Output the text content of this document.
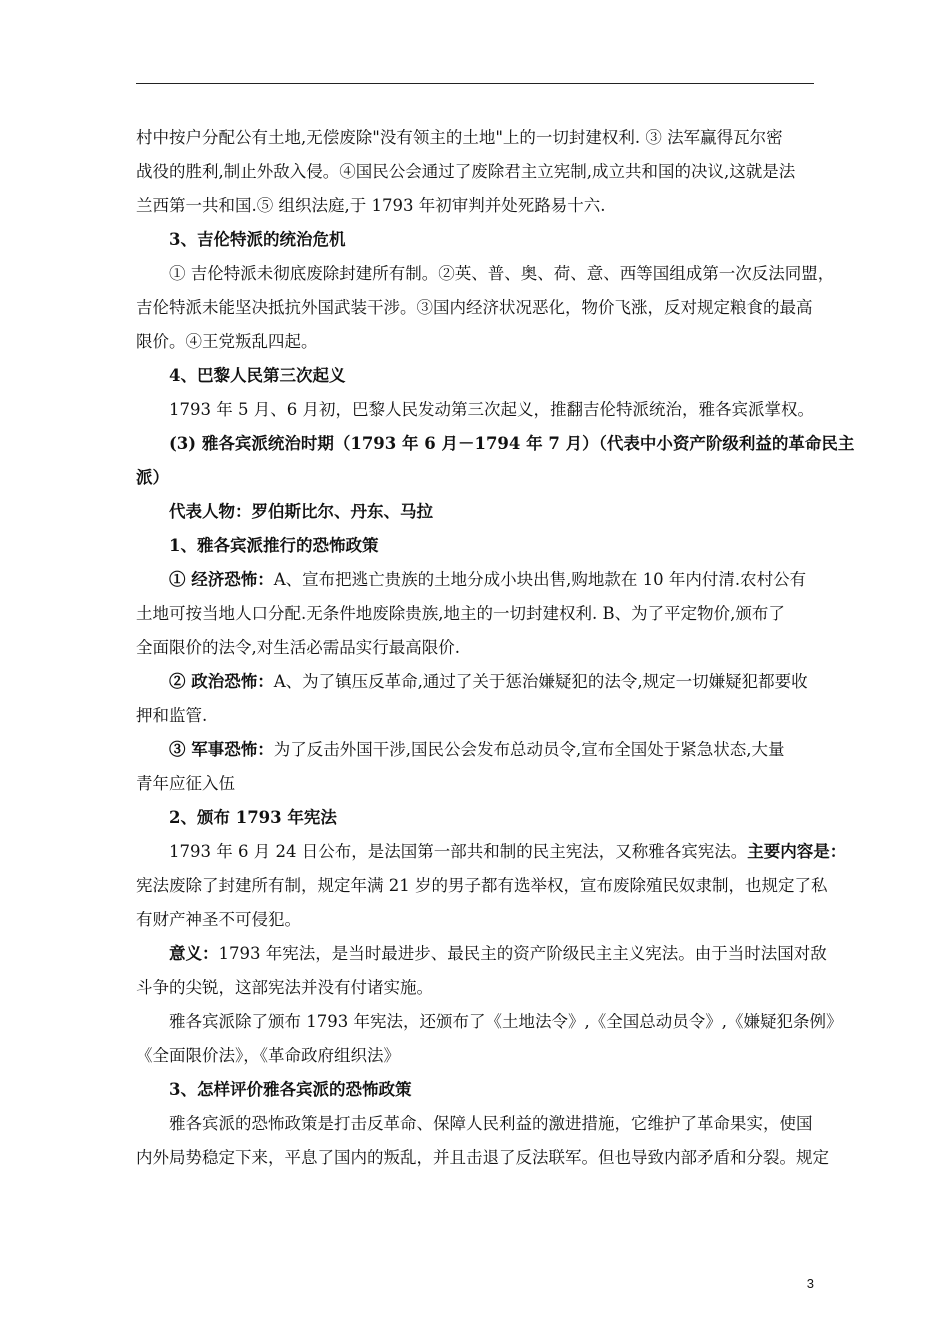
村中按户分配公有土地,无偿废除"没有领主的土地"上的一切封建权利. ③ 法军赢得瓦尔密
战役的胜利,制止外敌入侵。④国民公会通过了废除君主立宪制,成立共和国的决议,这就是法
兰西第一共和国.⑤ 组织法庭,于 1793 年初审判并处死路易十六.
3、吉伦特派的统治危机
① 吉伦特派未彻底废除封建所有制。②英、普、奥、荷、意、西等国组成第一次反法同盟，
吉伦特派未能坚决抵抗外国武装干涉。③国内经济状况恶化，物价飞涨，反对规定粮食的最高
限价。④王党叛乱四起。
4、巴黎人民第三次起义
1793 年 5 月、6 月初，巴黎人民发动第三次起义，推翻吉伦特派统治，雅各宾派掌权。
(3) 雅各宾派统治时期（1793 年 6 月－1794 年 7 月）（代表中小资产阶级利益的革命民主
派）
代表人物：罗伯斯比尔、丹东、马拉
1、雅各宾派推行的恐怖政策
① 经济恐怖：A、宣布把逃亡贵族的土地分成小块出售,购地款在 10 年内付清.农村公有
土地可按当地人口分配.无条件地废除贵族,地主的一切封建权利. B、为了平定物价,颁布了
全面限价的法令,对生活必需品实行最高限价.
② 政治恐怖：A、为了镇压反革命,通过了关于惩治嫌疑犯的法令,规定一切嫌疑犯都要收
押和监管.
③ 军事恐怖：为了反击外国干涉,国民公会发布总动员令,宣布全国处于紧急状态,大量
青年应征入伍
2、颁布 1793 年宪法
1793 年 6 月 24 日公布，是法国第一部共和制的民主宪法，又称雅各宾宪法。主要内容是：
宪法废除了封建所有制，规定年满 21 岁的男子都有选举权，宣布废除殖民奴隶制，也规定了私
有财产神圣不可侵犯。
意义：1793 年宪法，是当时最进步、最民主的资产阶级民主主义宪法。由于当时法国对敌
斗争的尖锐，这部宪法并没有付诸实施。
雅各宾派除了颁布 1793 年宪法，还颁布了《土地法令》,《全国总动员令》,《嫌疑犯条例》
《全面限价法》，《革命政府组织法》
3、怎样评价雅各宾派的恐怖政策
雅各宾派的恐怖政策是打击反革命、保障人民利益的激进措施，它维护了革命果实，使国
内外局势稳定下来，平息了国内的叛乱，并且击退了反法联军。但也导致内部矛盾和分裂。规定
3
